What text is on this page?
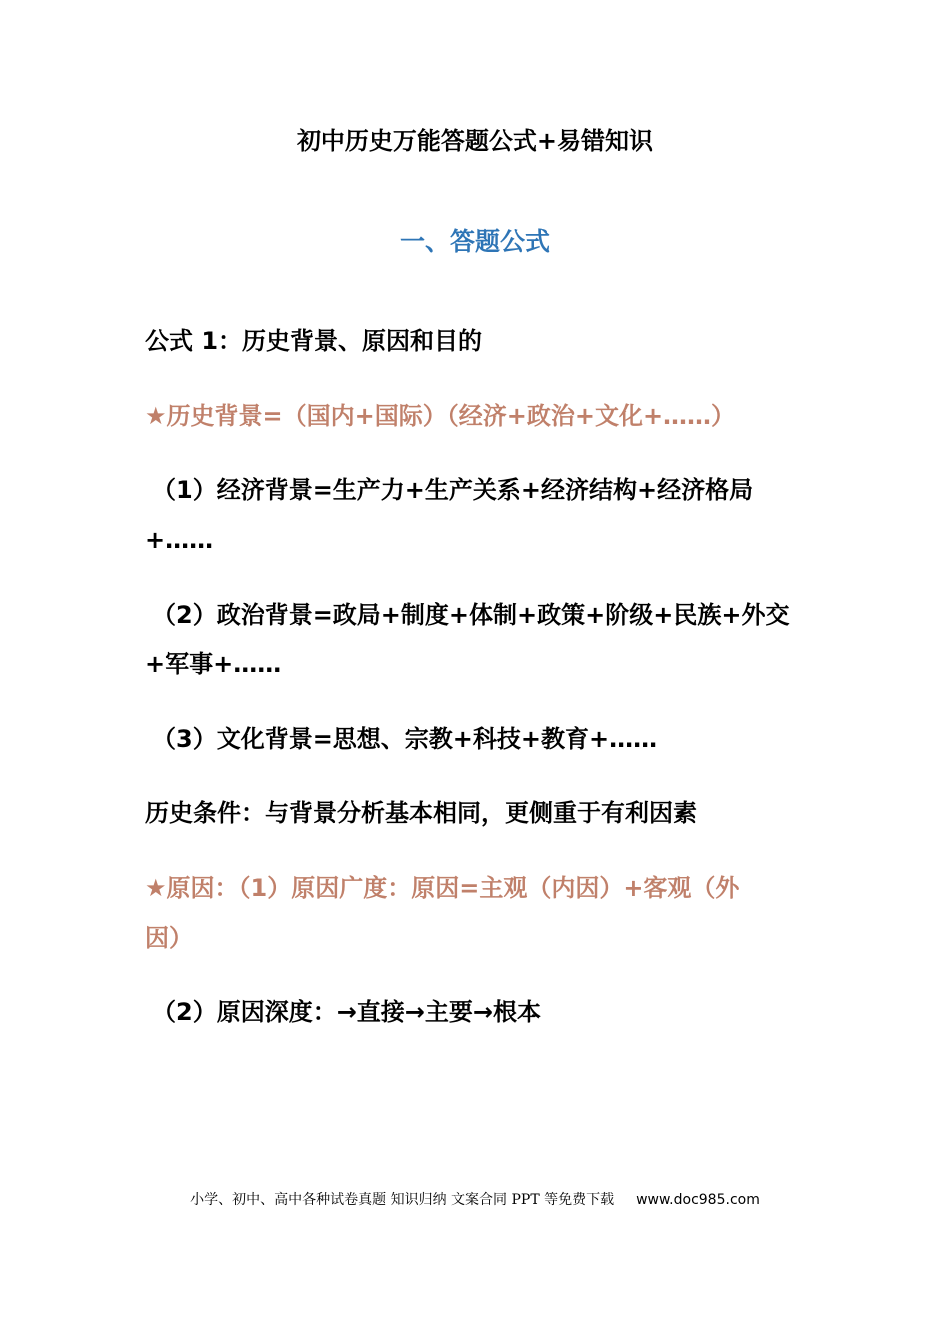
初中历史万能答题公式+易错知识
一、答题公式
公式 1：历史背景、原因和目的
★历史背景=（国内+国际）（经济+政治+文化+……）
（1）经济背景=生产力+生产关系+经济结构+经济格局
+……
（2）政治背景=政局+制度+体制+政策+阶级+民族+外交
+军事+……
（3）文化背景=思想、宗教+科技+教育+……
历史条件：与背景分析基本相同，更侧重于有利因素
★原因：（1）原因广度：原因=主观（内因）+客观（外
因）
（2）原因深度：→直接→主要→根本
小学、初中、高中各种试卷真题 知识归纳 文案合同 PPT 等免费下载 www.doc985.com
